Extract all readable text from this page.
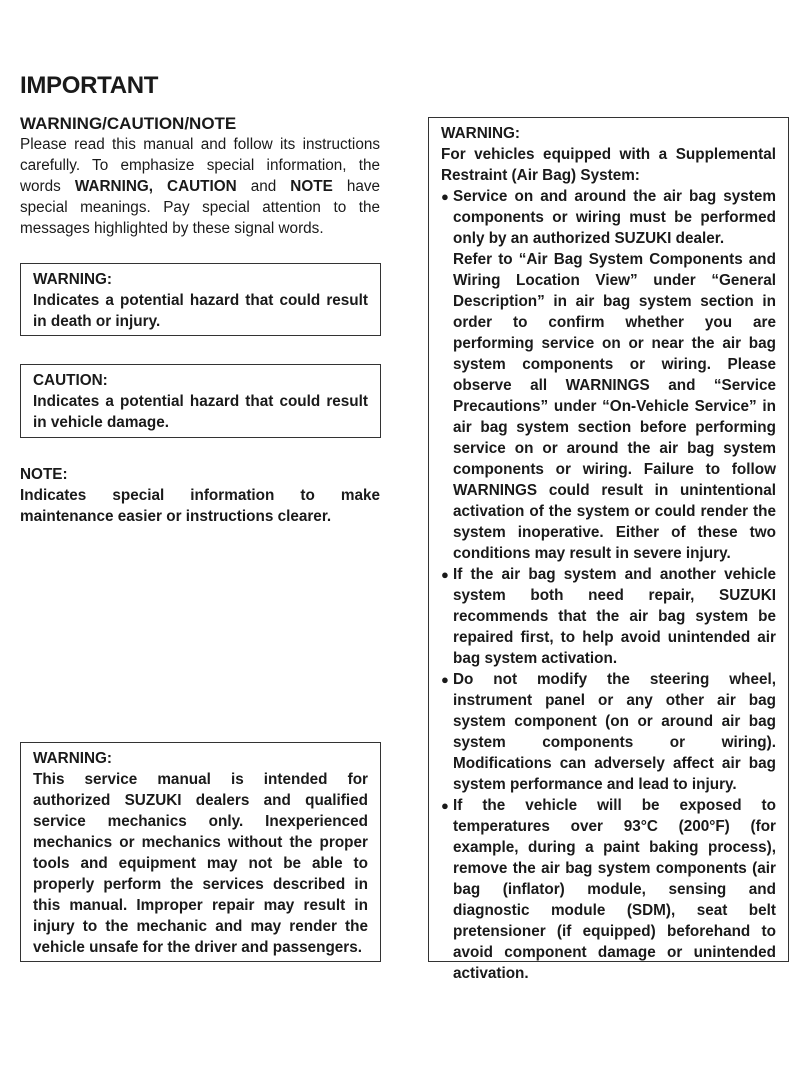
IMPORTANT
WARNING/CAUTION/NOTE

Please read this manual and follow its instructions carefully. To emphasize special information, the words WARNING, CAUTION and NOTE have special meanings. Pay special attention to the messages highlighted by these signal words.

WARNING:

Indicates a potential hazard that could result in death or injury.

CAUTION:

Indicates a potential hazard that could result in vehicle damage.

NOTE:

Indicates special information to make maintenance easier or instructions clearer.

WARNING:

This service manual is intended for authorized SUZUKI dealers and qualified service mechanics only. Inexperienced mechanics or mechanics without the proper tools and equipment may not be able to properly perform the services described in this manual. Improper repair may result in injury to the mechanic and may render the vehicle unsafe for the driver and passengers.

WARNING:

For vehicles equipped with a Supplemental Restraint (Air Bag) System:

● Service on and around the air bag system components or wiring must be performed only by an authorized SUZUKI dealer.

Refer to “Air Bag System Components and Wiring Location View” under “General Description” in air bag system section in order to confirm whether you are performing service on or near the air bag system components or wiring. Please observe all WARNINGS and “Service Precautions” under “On-Vehicle Service” in air bag system section before performing service on or around the air bag system components or wiring. Failure to follow WARNINGS could result in unintentional activation of the system or could render the system inoperative. Either of these two conditions may result in severe injury.

● If the air bag system and another vehicle system both need repair, SUZUKI recommends that the air bag system be repaired first, to help avoid unintended air bag system activation.

● Do not modify the steering wheel, instrument panel or any other air bag system component (on or around air bag system components or wiring). Modifications can adversely affect air bag system performance and lead to injury.

● If the vehicle will be exposed to temperatures over 93°C (200°F) (for example, during a paint baking process), remove the air bag system components (air bag (inflator) module, sensing and diagnostic module (SDM), seat belt pretensioner (if equipped) beforehand to avoid component damage or unintended activation.
